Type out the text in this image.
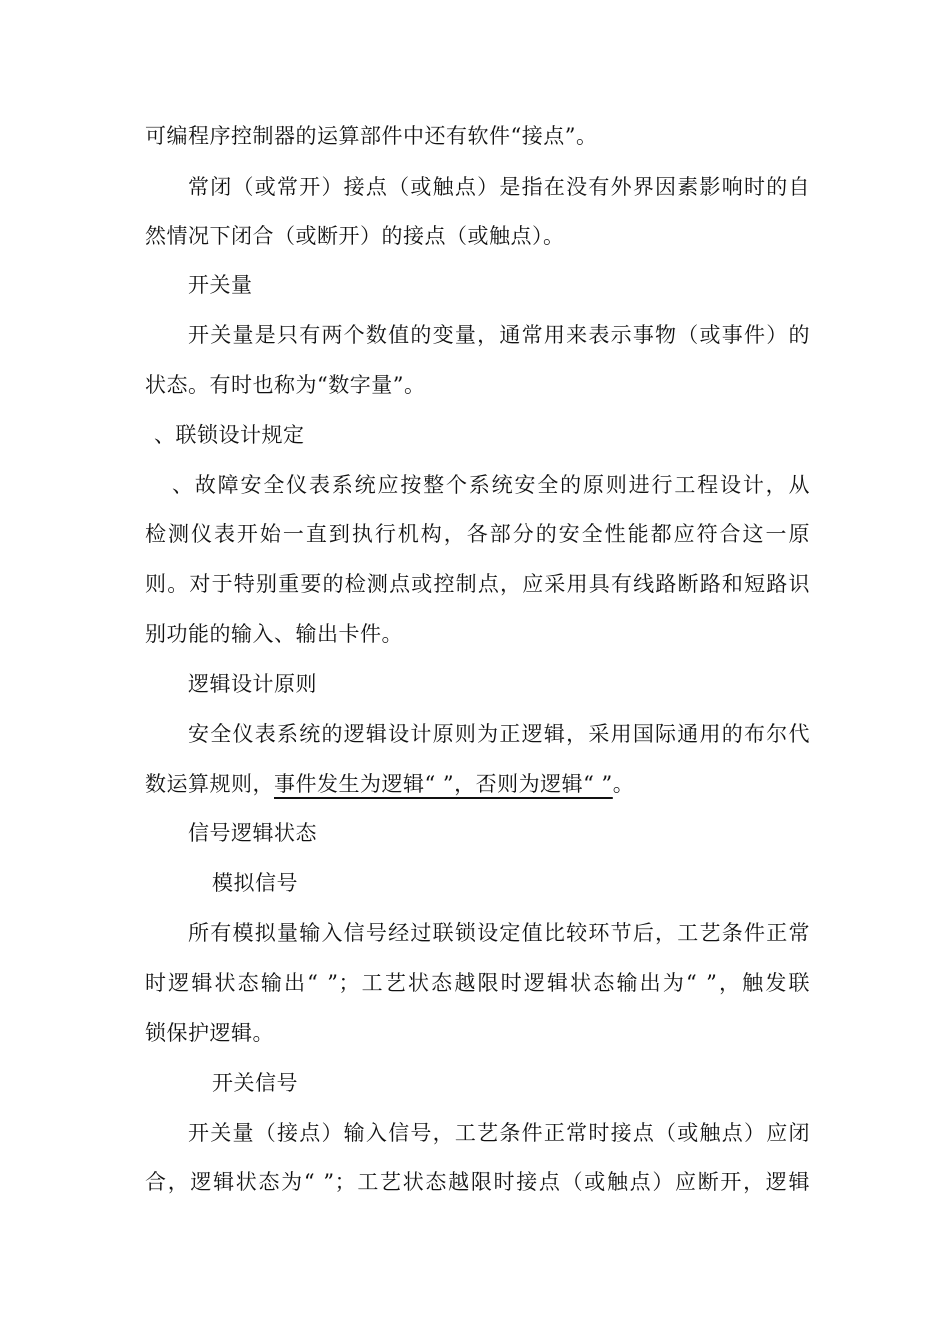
可编程序控制器的运算部件中还有软件“接点”。
常闭（或常开）接点（或触点）是指在没有外界因素影响时的自
然情况下闭合（或断开）的接点（或触点）。
开关量
开关量是只有两个数值的变量，通常用来表示事物（或事件）的
状态。有时也称为“数字量”。
、联锁设计规定
、故障安全仪表系统应按整个系统安全的原则进行工程设计，从
检测仪表开始一直到执行机构，各部分的安全性能都应符合这一原
则。对于特别重要的检测点或控制点，应采用具有线路断路和短路识
别功能的输入、输出卡件。
逻辑设计原则
安全仪表系统的逻辑设计原则为正逻辑，采用国际通用的布尔代
数运算规则，事件发生为逻辑“ ”，否则为逻辑“ ”。
信号逻辑状态
模拟信号
所有模拟量输入信号经过联锁设定值比较环节后，工艺条件正常
时逻辑状态输出“ ”；工艺状态越限时逻辑状态输出为“ ”，触发联
锁保护逻辑。
开关信号
开关量（接点）输入信号，工艺条件正常时接点（或触点）应闭
合，逻辑状态为“ ”；工艺状态越限时接点（或触点）应断开，逻辑
